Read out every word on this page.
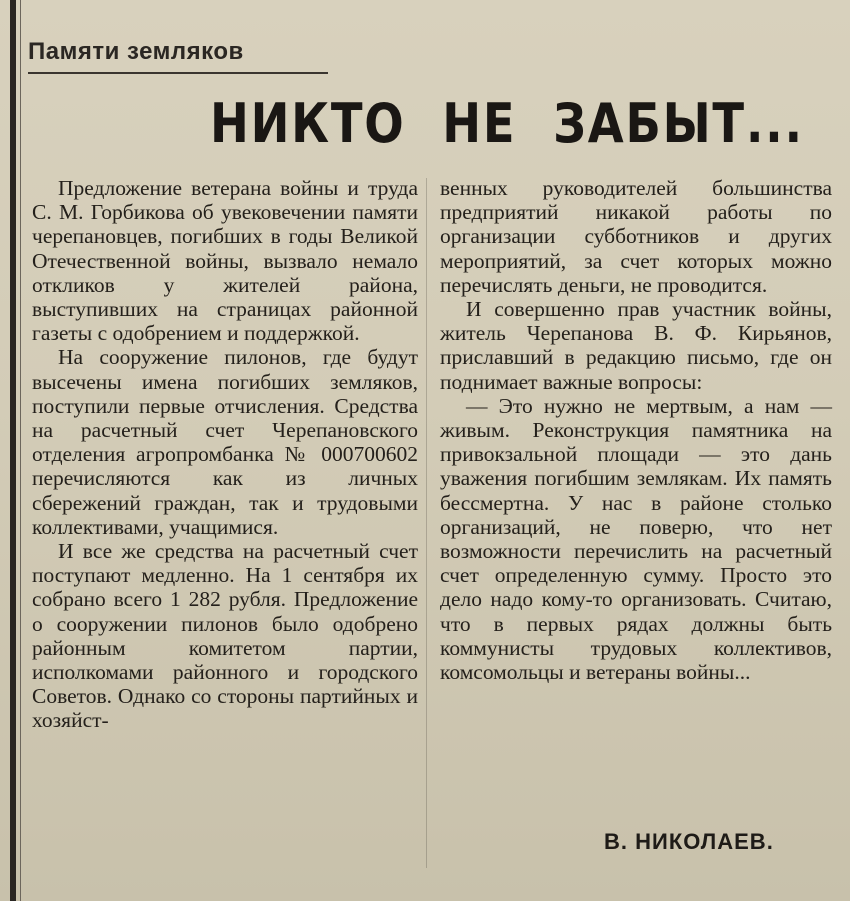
Памяти земляков
НИКТО НЕ ЗАБЫТ...

Предложение ветерана войны и труда С. М. Горбикова об увековечении памяти черепановцев, погибших в годы Великой Отечественной войны, вызвало немало откликов у жителей района, выступивших на страницах районной газеты с одобрением и поддержкой.

На сооружение пилонов, где будут высечены имена погибших земляков, поступили первые отчисления. Средства на расчетный счет Черепановского отделения агропромбанка № 000700602 перечисляются как из личных сбережений граждан, так и трудовыми коллективами, учащимися.

И все же средства на расчетный счет поступают медленно. На 1 сентября их собрано всего 1 282 рубля. Предложение о сооружении пилонов было одобрено районным комитетом партии, исполкомами районного и городского Советов. Однако со стороны партийных и хозяйст-

венных руководителей большинства предприятий никакой работы по организации субботников и других мероприятий, за счет которых можно перечислять деньги, не проводится.

И совершенно прав участник войны, житель Черепанова В. Ф. Кирьянов, приславший в редакцию письмо, где он поднимает важные вопросы:

— Это нужно не мертвым, а нам — живым. Реконструкция памятника на привокзальной площади — это дань уважения погибшим землякам. Их память бессмертна. У нас в районе столько организаций, не поверю, что нет возможности перечислить на расчетный счет определенную сумму. Просто это дело надо кому-то организовать. Считаю, что в первых рядах должны быть коммунисты трудовых коллективов, комсомольцы и ветераны войны...

В. НИКОЛАЕВ.
